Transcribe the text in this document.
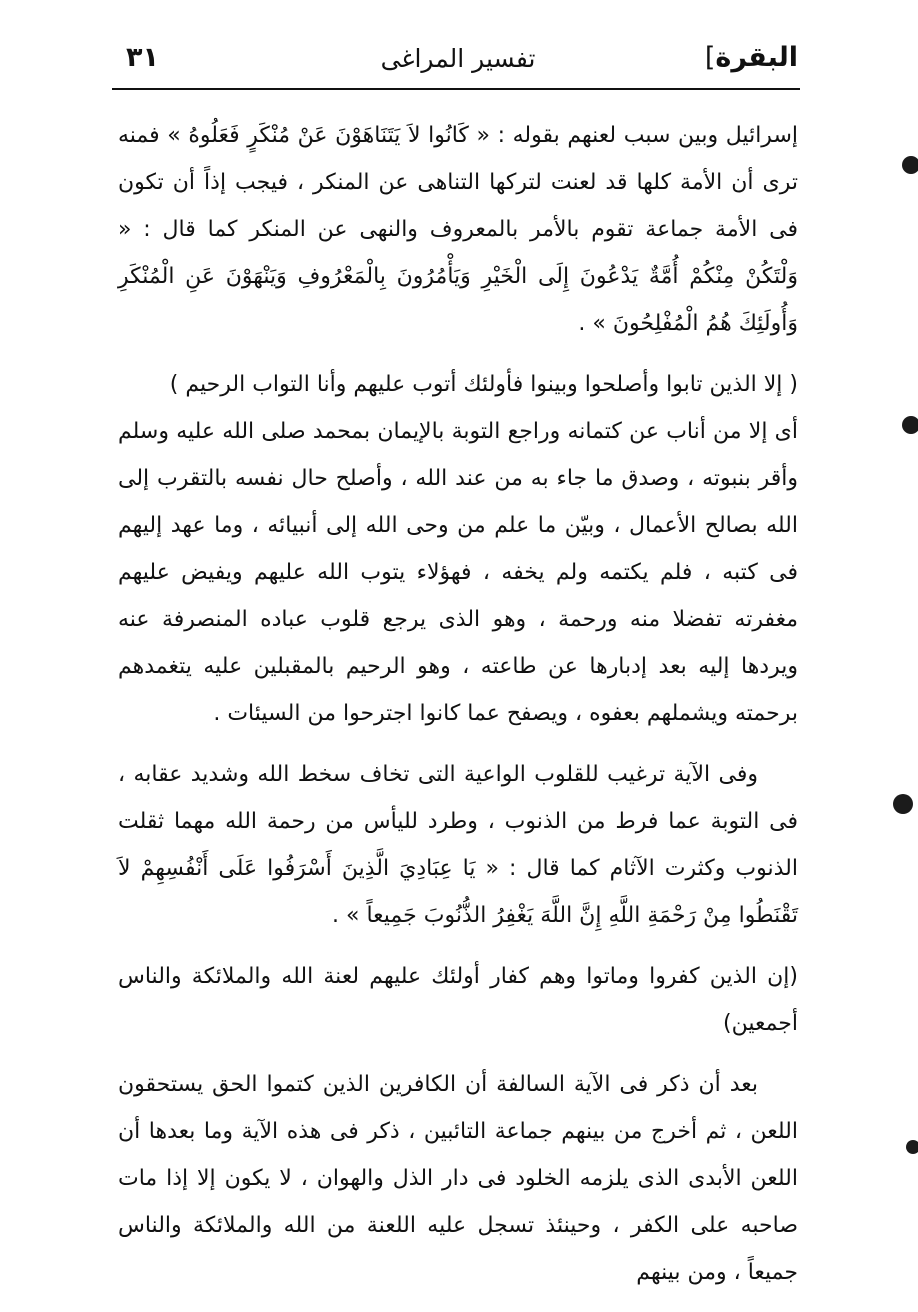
البقرة]
تفسير المراغى
٣١

إسرائيل وبين سبب لعنهم بقوله : « كَانُوا لاَ يَتَنَاهَوْنَ عَنْ مُنْكَرٍ فَعَلُوهُ » فمنه ترى أن الأمة كلها قد لعنت لتركها التناهى عن المنكر ، فيجب إذاً أن تكون فى الأمة جماعة تقوم بالأمر بالمعروف والنهى عن المنكر كما قال : « وَلْتَكُنْ مِنْكُمْ أُمَّةٌ يَدْعُونَ إِلَى الْخَيْرِ وَيَأْمُرُونَ بِالْمَعْرُوفِ وَيَنْهَوْنَ عَنِ الْمُنْكَرِ وَأُولَئِكَ هُمُ الْمُفْلِحُونَ » .

( إلا الذين تابوا وأصلحوا وبينوا فأولئك أتوب عليهم وأنا التواب الرحيم )

أى إلا من أناب عن كتمانه وراجع التوبة بالإيمان بمحمد صلى الله عليه وسلم وأقر بنبوته ، وصدق ما جاء به من عند الله ، وأصلح حال نفسه بالتقرب إلى الله بصالح الأعمال ، وبيّن ما علم من وحى الله إلى أنبيائه ، وما عهد إليهم فى كتبه ، فلم يكتمه ولم يخفه ، فهؤلاء يتوب الله عليهم ويفيض عليهم مغفرته تفضلا منه ورحمة ، وهو الذى يرجع قلوب عباده المنصرفة عنه ويردها إليه بعد إدبارها عن طاعته ، وهو الرحيم بالمقبلين عليه يتغمدهم برحمته ويشملهم بعفوه ، ويصفح عما كانوا اجترحوا من السيئات .

وفى الآية ترغيب للقلوب الواعية التى تخاف سخط الله وشديد عقابه ، فى التوبة عما فرط من الذنوب ، وطرد لليأس من رحمة الله مهما ثقلت الذنوب وكثرت الآثام كما قال : « يَا عِبَادِيَ الَّذِينَ أَسْرَفُوا عَلَى أَنْفُسِهِمْ لاَ تَقْنَطُوا مِنْ رَحْمَةِ اللَّهِ إِنَّ اللَّهَ يَغْفِرُ الذُّنُوبَ جَمِيعاً » .

(إن الذين كفروا وماتوا وهم كفار أولئك عليهم لعنة الله والملائكة والناس أجمعين)

بعد أن ذكر فى الآية السالفة أن الكافرين الذين كتموا الحق يستحقون اللعن ، ثم أخرج من بينهم جماعة التائبين ، ذكر فى هذه الآية وما بعدها أن اللعن الأبدى الذى يلزمه الخلود فى دار الذل والهوان ، لا يكون إلا إذا مات صاحبه على الكفر ، وحينئذ تسجل عليه اللعنة من الله والملائكة والناس جميعاً ، ومن بينهم
